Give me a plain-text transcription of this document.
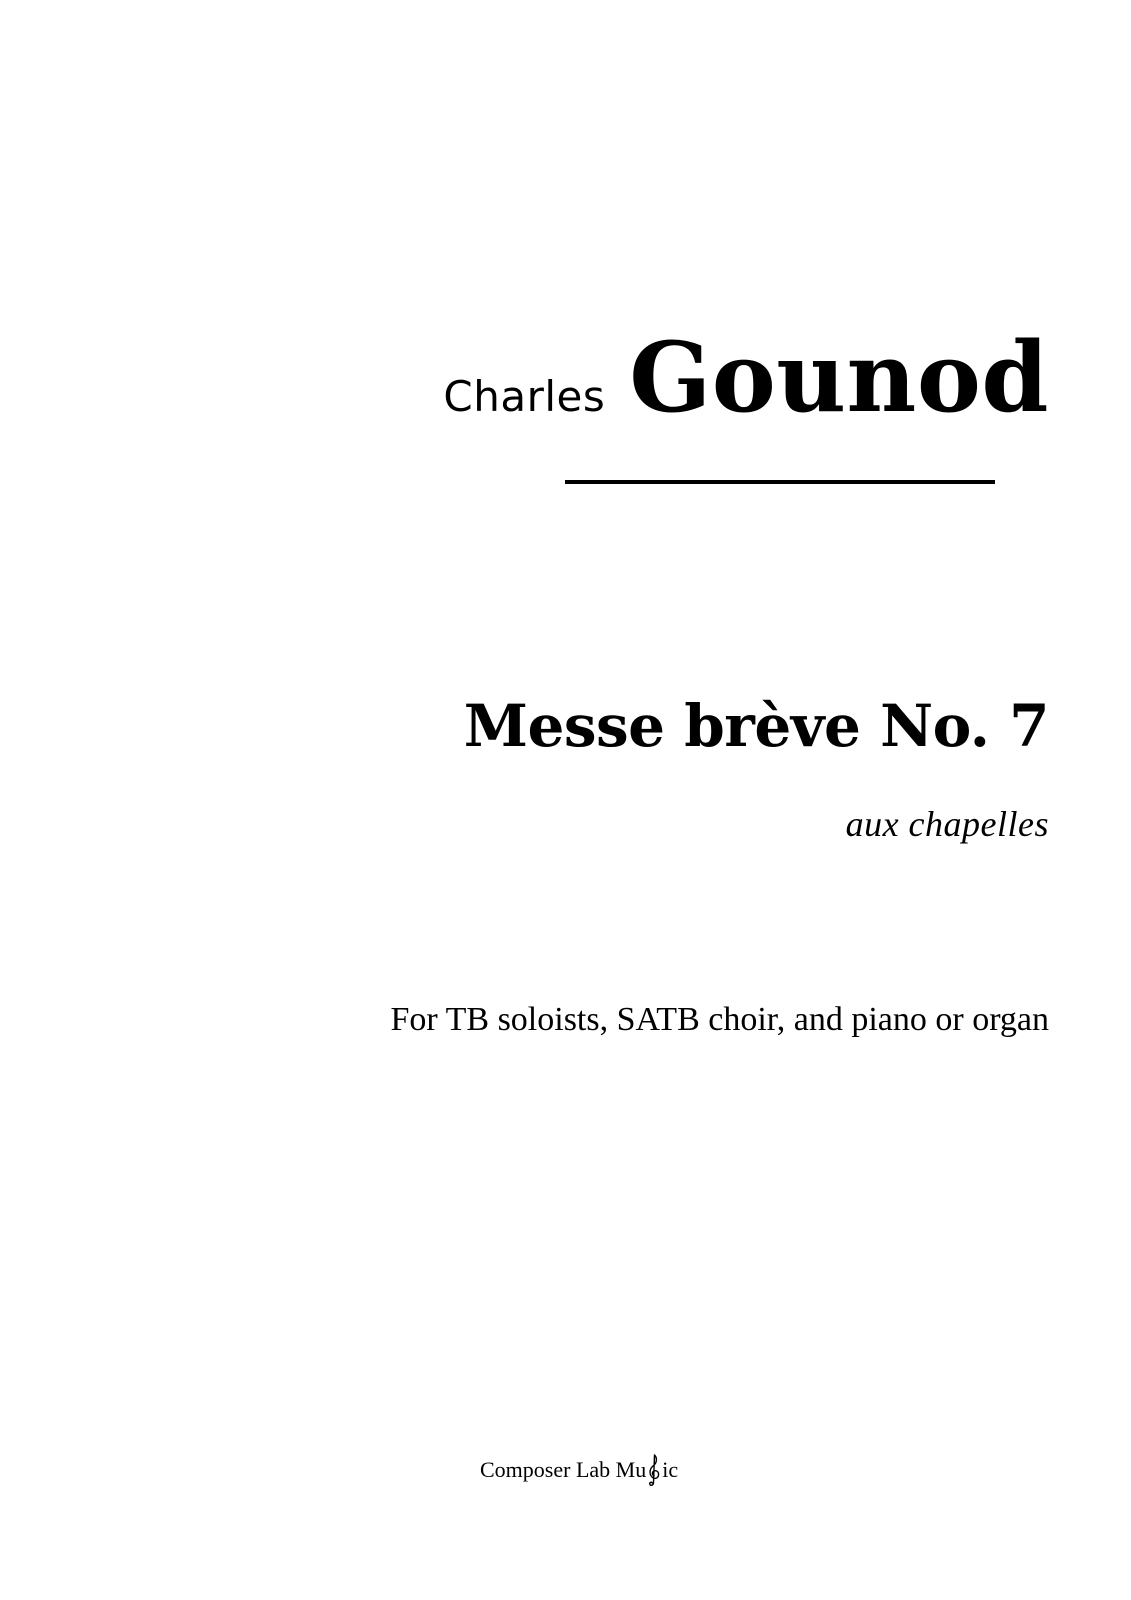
Charles Gounod
Messe brève No. 7
aux chapelles
For TB soloists, SATB choir, and piano or organ
Composer Lab Mu ic
